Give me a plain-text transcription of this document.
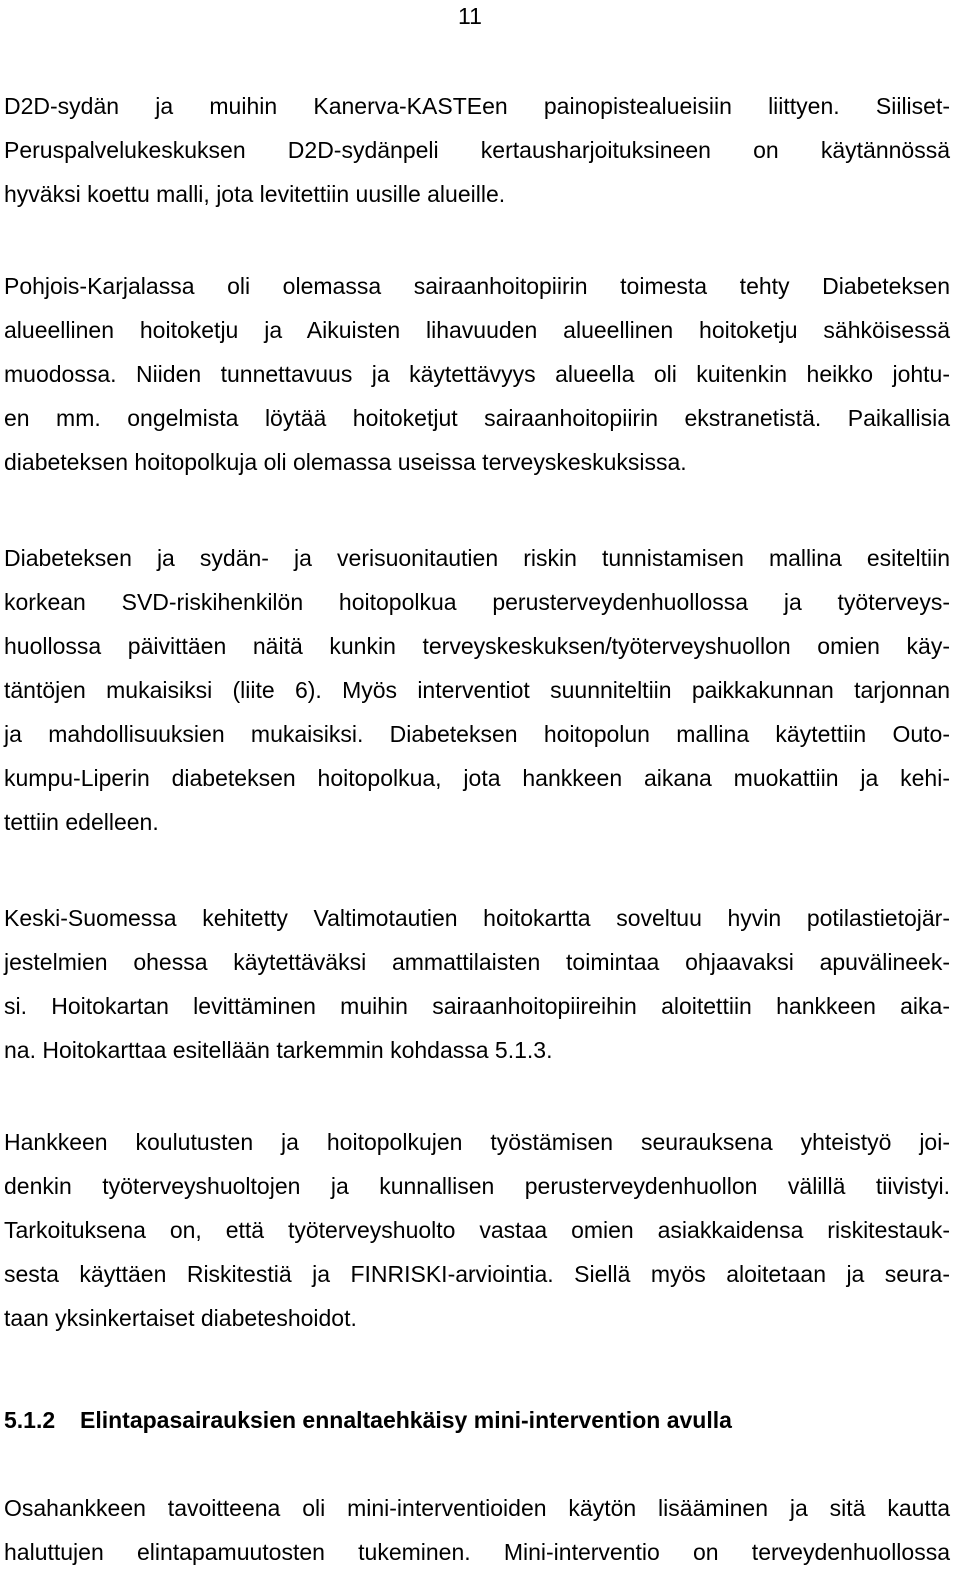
11
D2D-sydän ja muihin Kanerva-KASTEen painopistealueisiin liittyen. Siiliset-
Peruspalvelukeskuksen D2D-sydänpeli kertausharjoituksineen on käytännössä
hyväksi koettu malli, jota levitettiin uusille alueille.
Pohjois-Karjalassa oli olemassa sairaanhoitopiirin toimesta tehty Diabeteksen
alueellinen hoitoketju ja Aikuisten lihavuuden alueellinen hoitoketju sähköisessä
muodossa. Niiden tunnettavuus ja käytettävyys alueella oli kuitenkin heikko johtu-
en mm. ongelmista löytää hoitoketjut sairaanhoitopiirin ekstranetistä. Paikallisia
diabeteksen hoitopolkuja oli olemassa useissa terveyskeskuksissa.
Diabeteksen ja sydän- ja verisuonitautien riskin tunnistamisen mallina esiteltiin
korkean SVD-riskihenkilön hoitopolkua perusterveydenhuollossa ja työterveys-
huollossa päivittäen näitä kunkin terveyskeskuksen/työterveyshuollon omien käy-
täntöjen mukaisiksi (liite 6). Myös interventiot suunniteltiin paikkakunnan tarjonnan
ja mahdollisuuksien mukaisiksi. Diabeteksen hoitopolun mallina käytettiin Outo-
kumpu-Liperin diabeteksen hoitopolkua, jota hankkeen aikana muokattiin ja kehi-
tettiin edelleen.
Keski-Suomessa kehitetty Valtimotautien hoitokartta soveltuu hyvin potilastietojär-
jestelmien ohessa käytettäväksi ammattilaisten toimintaa ohjaavaksi apuvälineek-
si. Hoitokartan levittäminen muihin sairaanhoitopiireihin aloitettiin hankkeen aika-
na. Hoitokarttaa esitellään tarkemmin kohdassa 5.1.3.
Hankkeen koulutusten ja hoitopolkujen työstämisen seurauksena yhteistyö joi-
denkin työterveyshuoltojen ja kunnallisen perusterveydenhuollon välillä tiivistyi.
Tarkoituksena on, että työterveyshuolto vastaa omien asiakkaidensa riskitestauk-
sesta käyttäen Riskitestiä ja FINRISKI-arviointia. Siellä myös aloitetaan ja seura-
taan yksinkertaiset diabeteshoidot.
5.1.2 Elintapasairauksien ennaltaehkäisy mini-intervention avulla
Osahankkeen tavoitteena oli mini-interventioiden käytön lisääminen ja sitä kautta
haluttujen elintapamuutosten tukeminen. Mini-interventio on terveydenhuollossa
